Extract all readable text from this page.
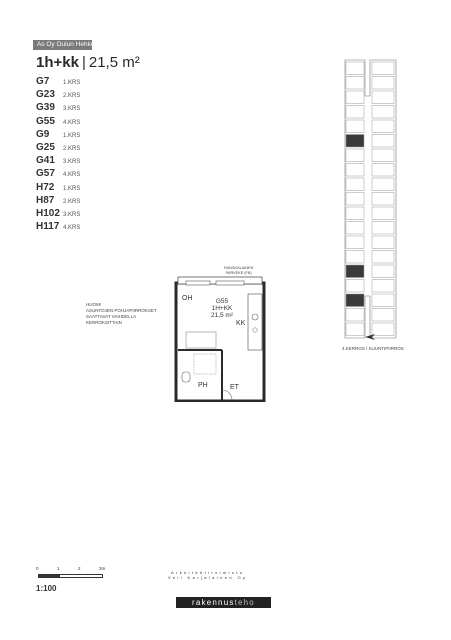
As Oy Oulun Hehku
1h+kk | 21,5 m²
G7	1.KRS
G23	2.KRS
G39	3.KRS
G55	4.KRS
G9	1.KRS
G25	2.KRS
G41	3.KRS
G57	4.KRS
H72	1.KRS
H87	2.KRS
H102 3.KRS
H117 4.KRS
HUOM!
ASUNTOJEN POHJAPIIRROKSET
SAATTAVAT VAIHDELLA KERROKSITTAIN
RANSKALAINEN
PARVEKE (FB)
OH	G55
1H+KK
21,5 m²
KK
PH	ET
4.KERROS / SUUNTIPIIRROS
0	1	2	3m
1:100
Arkkitehtitoimisto
Veli Karjalainen Oy
rakennusteho
